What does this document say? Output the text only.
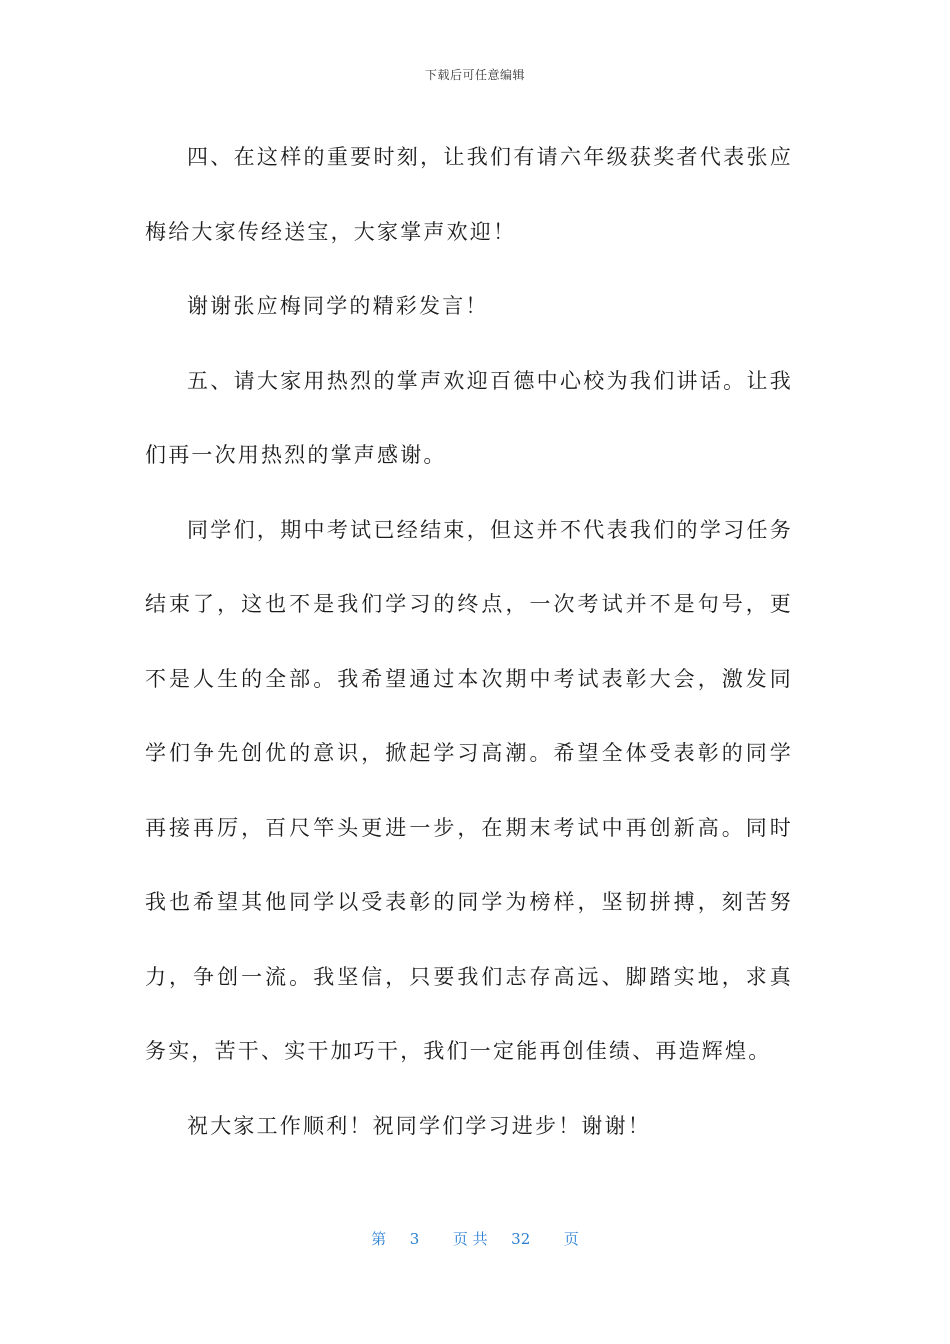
下载后可任意编辑

四、在这样的重要时刻，让我们有请六年级获奖者代表张应梅给大家传经送宝，大家掌声欢迎！

谢谢张应梅同学的精彩发言！

五、请大家用热烈的掌声欢迎百德中心校为我们讲话。让我们再一次用热烈的掌声感谢。

同学们，期中考试已经结束，但这并不代表我们的学习任务结束了，这也不是我们学习的终点，一次考试并不是句号，更不是人生的全部。我希望通过本次期中考试表彰大会，激发同学们争先创优的意识，掀起学习高潮。希望全体受表彰的同学再接再厉，百尺竿头更进一步，在期末考试中再创新高。同时我也希望其他同学以受表彰的同学为榜样，坚韧拼搏，刻苦努力，争创一流。我坚信，只要我们志存高远、脚踏实地，求真务实，苦干、实干加巧干，我们一定能再创佳绩、再造辉煌。

祝大家工作顺利！祝同学们学习进步！谢谢！

第 3 页 共 32 页
